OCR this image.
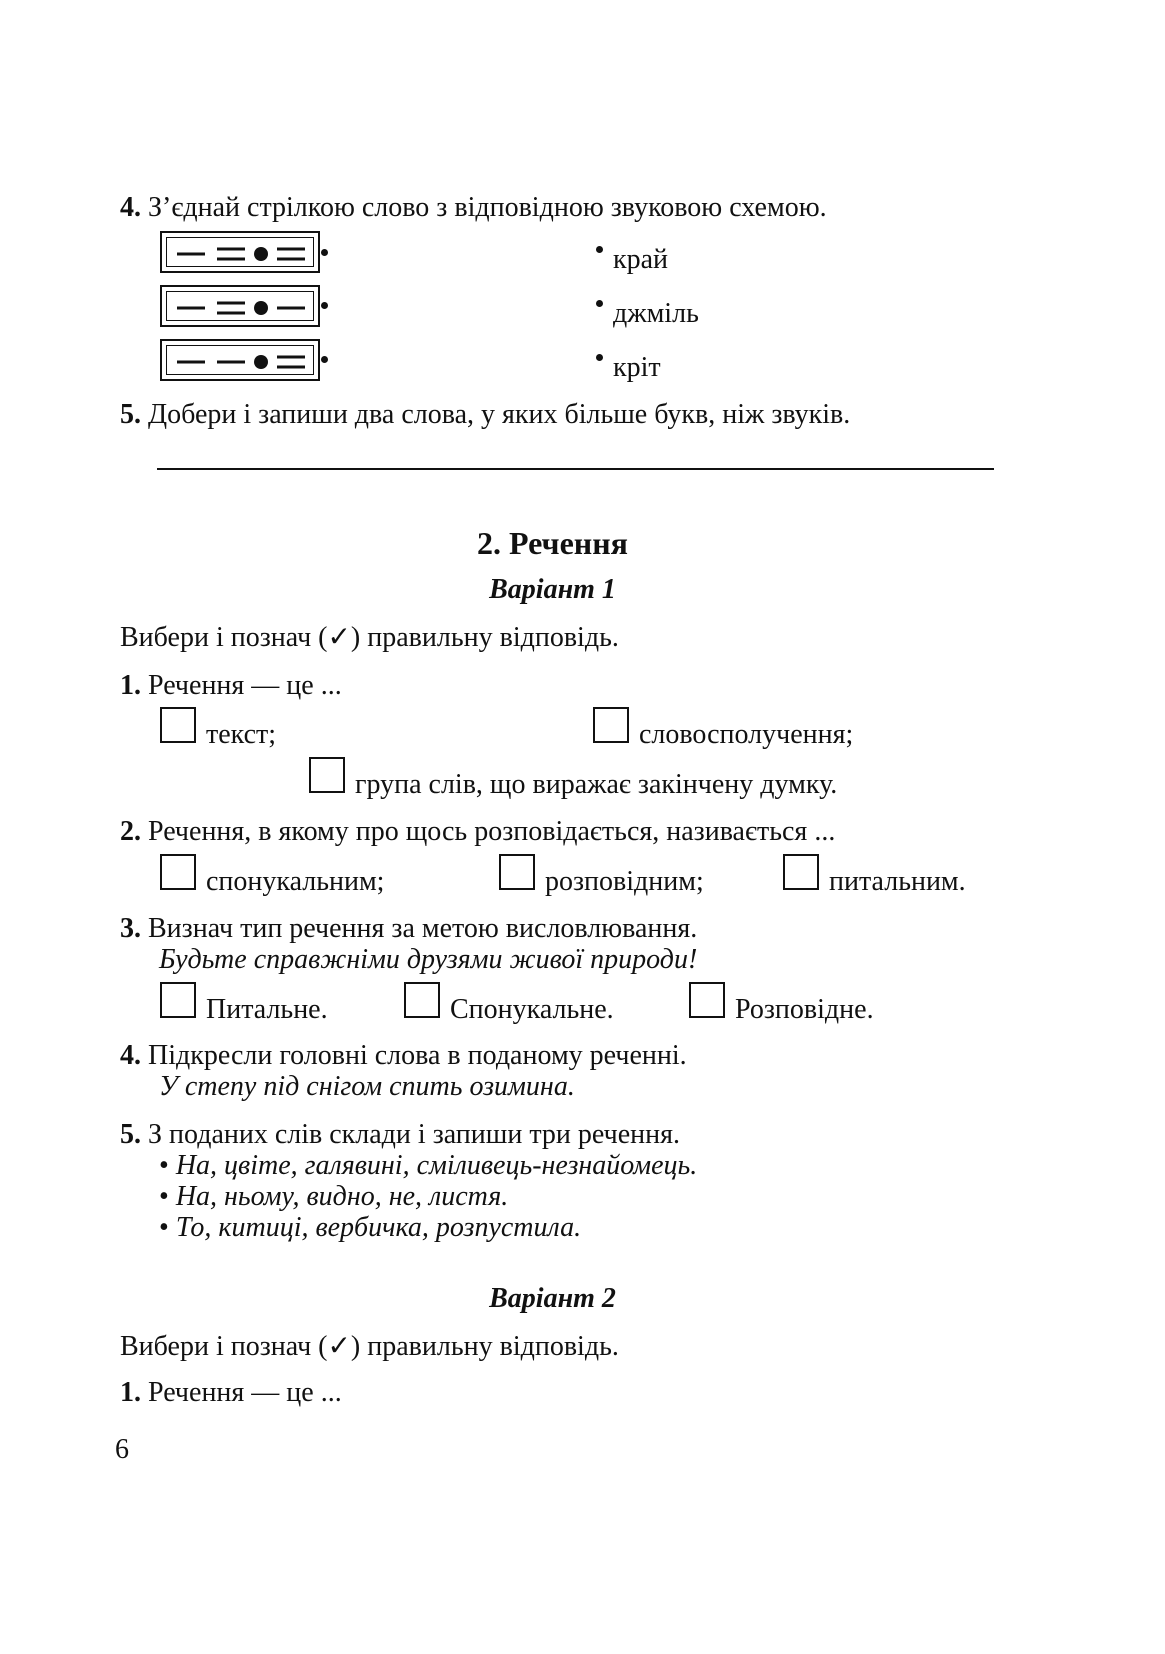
4. З’єднай стрілкою слово з відповідною звуковою схемою.
край
джміль
кріт
5. Добери і запиши два слова, у яких більше букв, ніж звуків.
2. Речення
Варіант 1
Вибери і познач (✓) правильну відповідь.
1. Речення — це ...
текст;	словосполучення;
група слів, що виражає закінчену думку.
2. Речення, в якому про щось розповідається, називається ...
спонукальним;	розповідним;	питальним.
3. Визнач тип речення за метою висловлювання.
Будьте справжніми друзями живої природи!
Питальне.	Спонукальне.	Розповідне.
4. Підкресли головні слова в поданому реченні.
У степу під снігом спить озимина.
5. З поданих слів склади і запиши три речення.
• На, цвіте, галявині, сміливець-незнайомець.
• На, ньому, видно, не, листя.
• То, китиці, вербичка, розпустила.
Варіант 2
Вибери і познач (✓) правильну відповідь.
1. Речення — це ...
6
